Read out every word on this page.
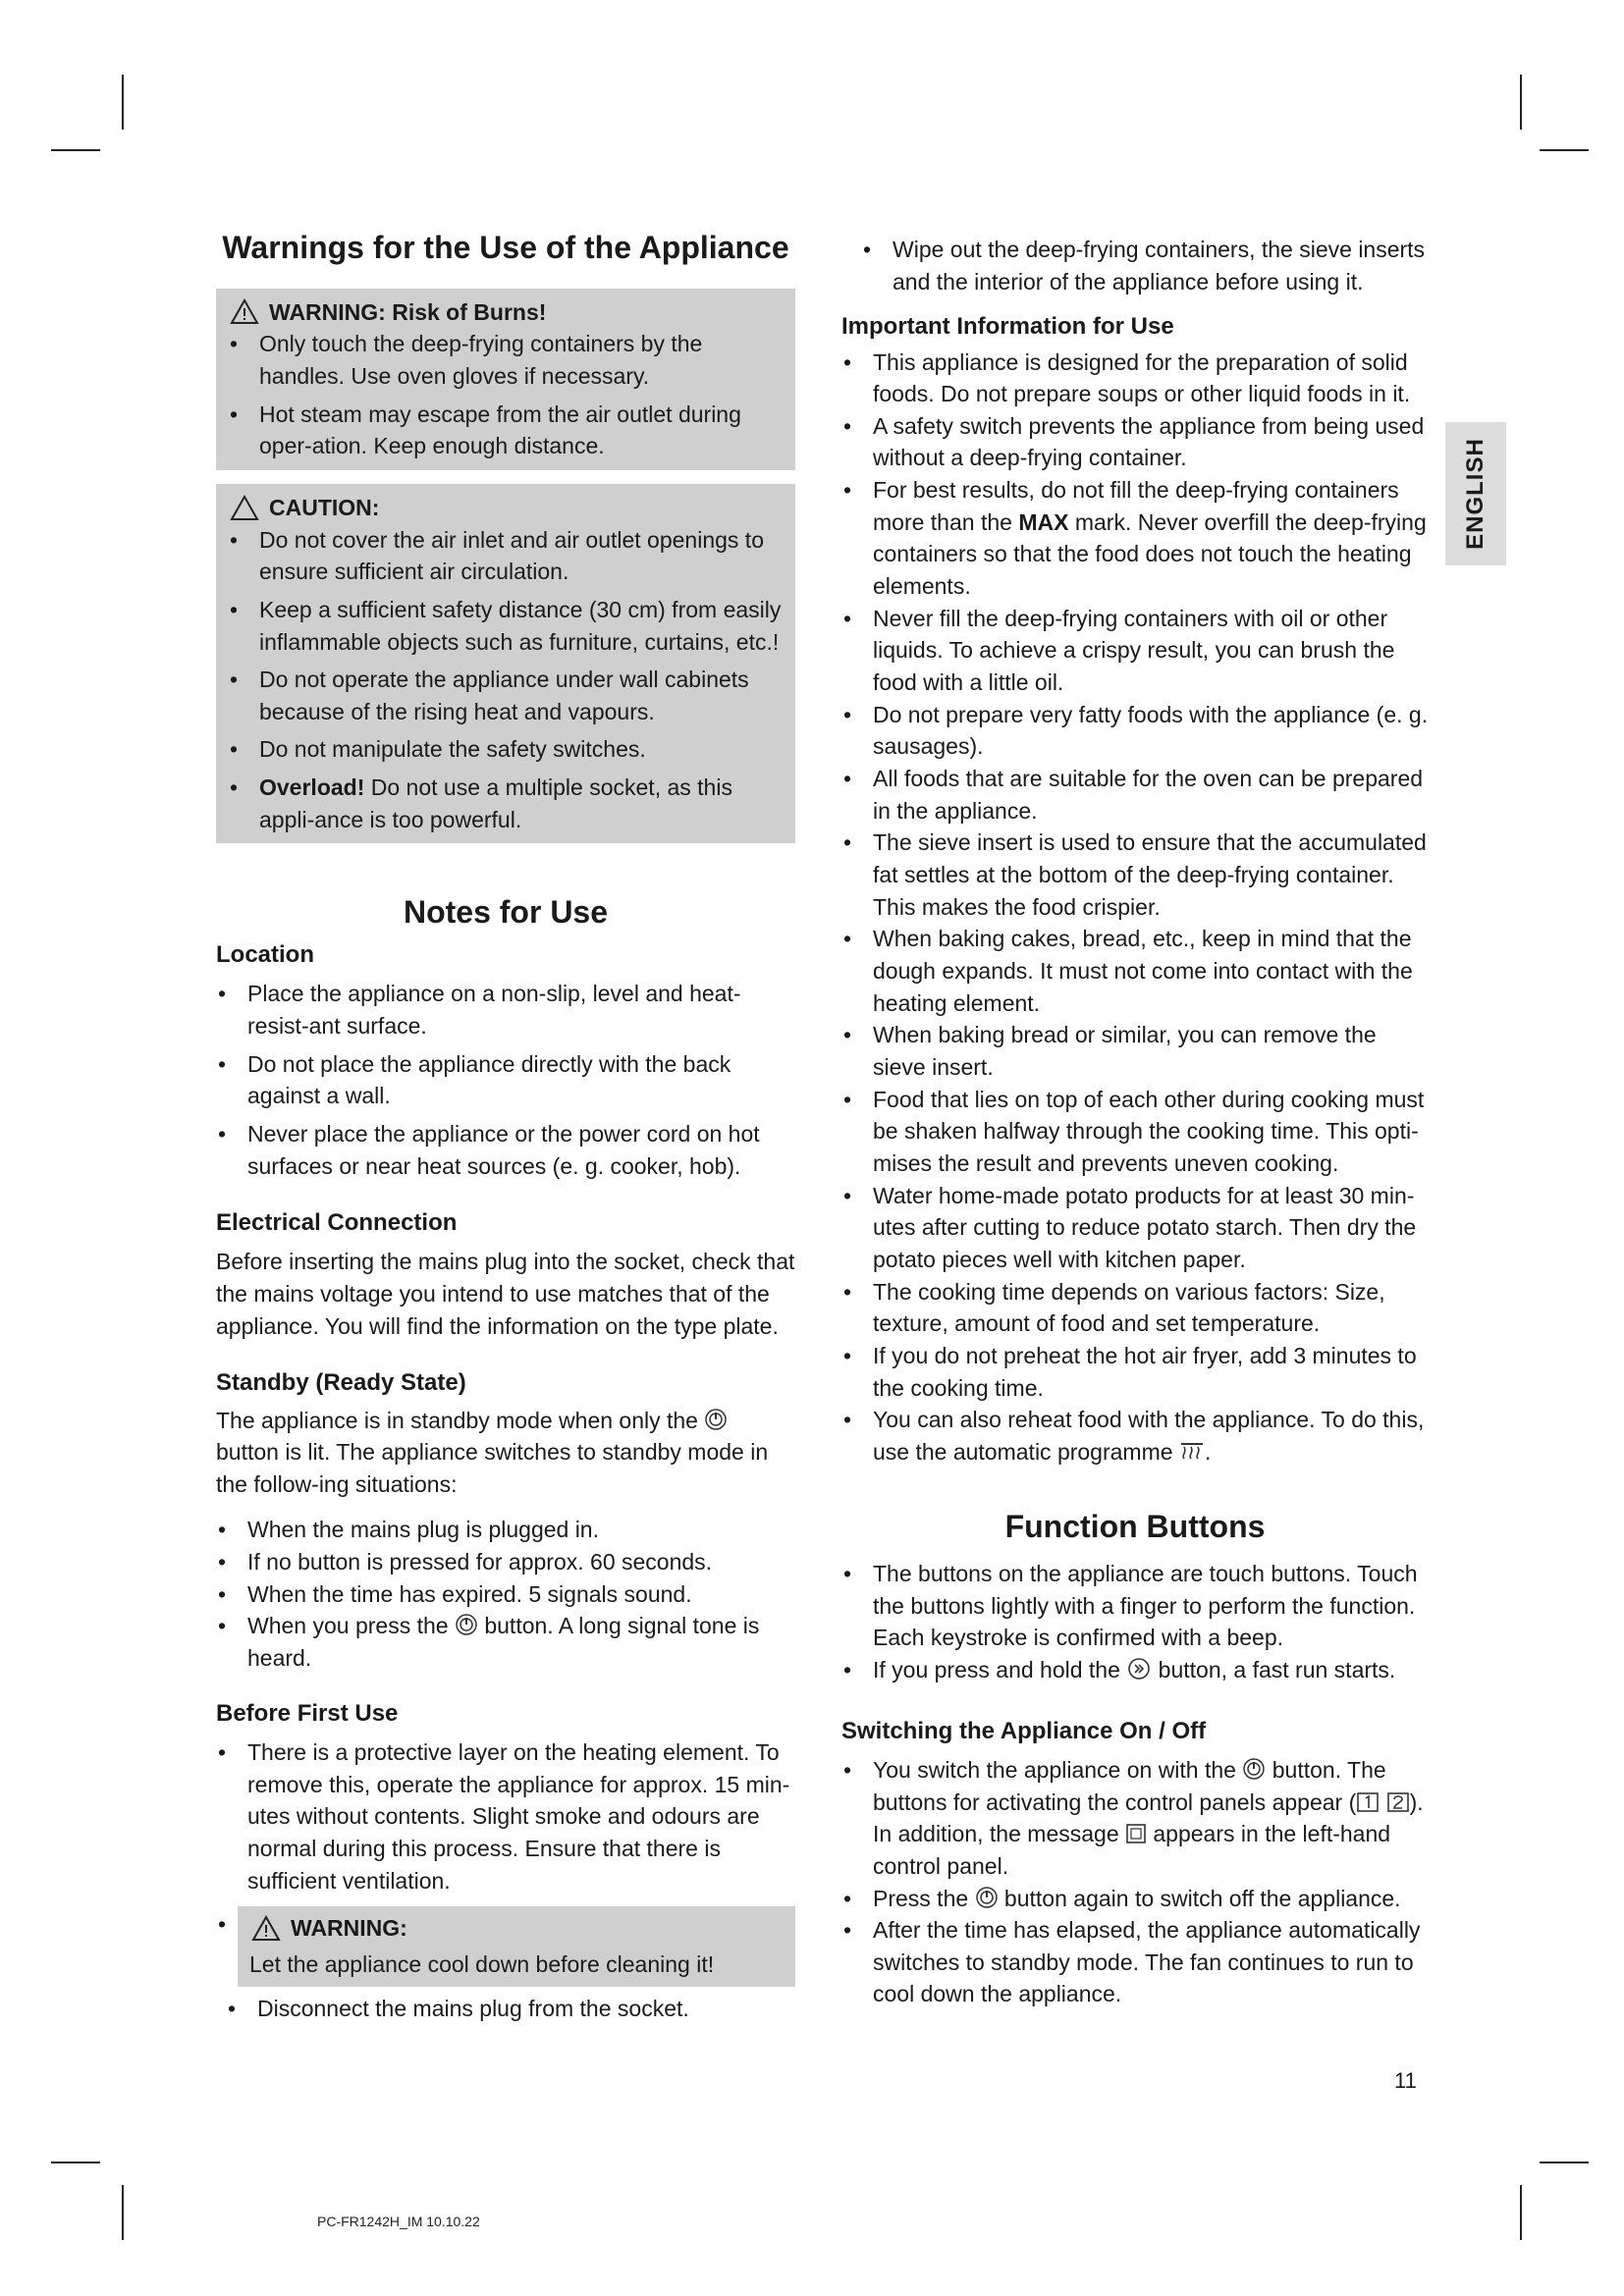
Warnings for the Use of the Appliance
WARNING: Risk of Burns!
• Only touch the deep-frying containers by the handles. Use oven gloves if necessary.
• Hot steam may escape from the air outlet during oper-ation. Keep enough distance.
CAUTION:
• Do not cover the air inlet and air outlet openings to ensure sufficient air circulation.
• Keep a sufficient safety distance (30 cm) from easily inflammable objects such as furniture, curtains, etc.!
• Do not operate the appliance under wall cabinets because of the rising heat and vapours.
• Do not manipulate the safety switches.
• Overload! Do not use a multiple socket, as this appli-ance is too powerful.
Notes for Use
Location
• Place the appliance on a non-slip, level and heat-resist-ant surface.
• Do not place the appliance directly with the back against a wall.
• Never place the appliance or the power cord on hot surfaces or near heat sources (e. g. cooker, hob).
Electrical Connection

Before inserting the mains plug into the socket, check that the mains voltage you intend to use matches that of the appliance. You will find the information on the type plate.

Standby (Ready State)

The appliance is in standby mode when only the  button is lit. The appliance switches to standby mode in the follow-ing situations:

• When the mains plug is plugged in.
• If no button is pressed for approx. 60 seconds.
• When the time has expired. 5 signals sound.
• When you press the  button. A long signal tone is heard.
Before First Use
• There is a protective layer on the heating element. To remove this, operate the appliance for approx. 15 min-utes without contents. Slight smoke and odours are normal during this process. Ensure that there is sufficient ventilation.
•	WARNING:
Let the appliance cool down before cleaning it!
• Disconnect the mains plug from the socket.
• Wipe out the deep-frying containers, the sieve inserts and the interior of the appliance before using it.
Important Information for Use
• This appliance is designed for the preparation of solid foods. Do not prepare soups or other liquid foods in it.
• A safety switch prevents the appliance from being used without a deep-frying container.
• For best results, do not fill the deep-frying containers more than the MAX mark. Never overfill the deep-frying containers so that the food does not touch the heating elements.
• Never fill the deep-frying containers with oil or other liquids. To achieve a crispy result, you can brush the food with a little oil.
• Do not prepare very fatty foods with the appliance (e. g. sausages).
• All foods that are suitable for the oven can be prepared in the appliance.
• The sieve insert is used to ensure that the accumulated fat settles at the bottom of the deep-frying container. This makes the food crispier.
• When baking cakes, bread, etc., keep in mind that the dough expands. It must not come into contact with the heating element.
• When baking bread or similar, you can remove the sieve insert.
• Food that lies on top of each other during cooking must be shaken halfway through the cooking time. This opti-mises the result and prevents uneven cooking.
• Water home-made potato products for at least 30 min-utes after cutting to reduce potato starch. Then dry the potato pieces well with kitchen paper.
• The cooking time depends on various factors: Size, texture, amount of food and set temperature.
• If you do not preheat the hot air fryer, add 3 minutes to the cooking time.
• You can also reheat food with the appliance. To do this, use the automatic programme .
Function Buttons
• The buttons on the appliance are touch buttons. Touch the buttons lightly with a finger to perform the function. Each keystroke is confirmed with a beep.
• If you press and hold the  button, a fast run starts.
Switching the Appliance On / Off
• You switch the appliance on with the  button. The buttons for activating the control panels appear ( ). In addition, the message  appears in the left-hand control panel.
• Press the  button again to switch off the appliance.
• After the time has elapsed, the appliance automatically switches to standby mode. The fan continues to run to cool down the appliance.
ENGLISH
11
PC-FR1242H_IM 10.10.22
